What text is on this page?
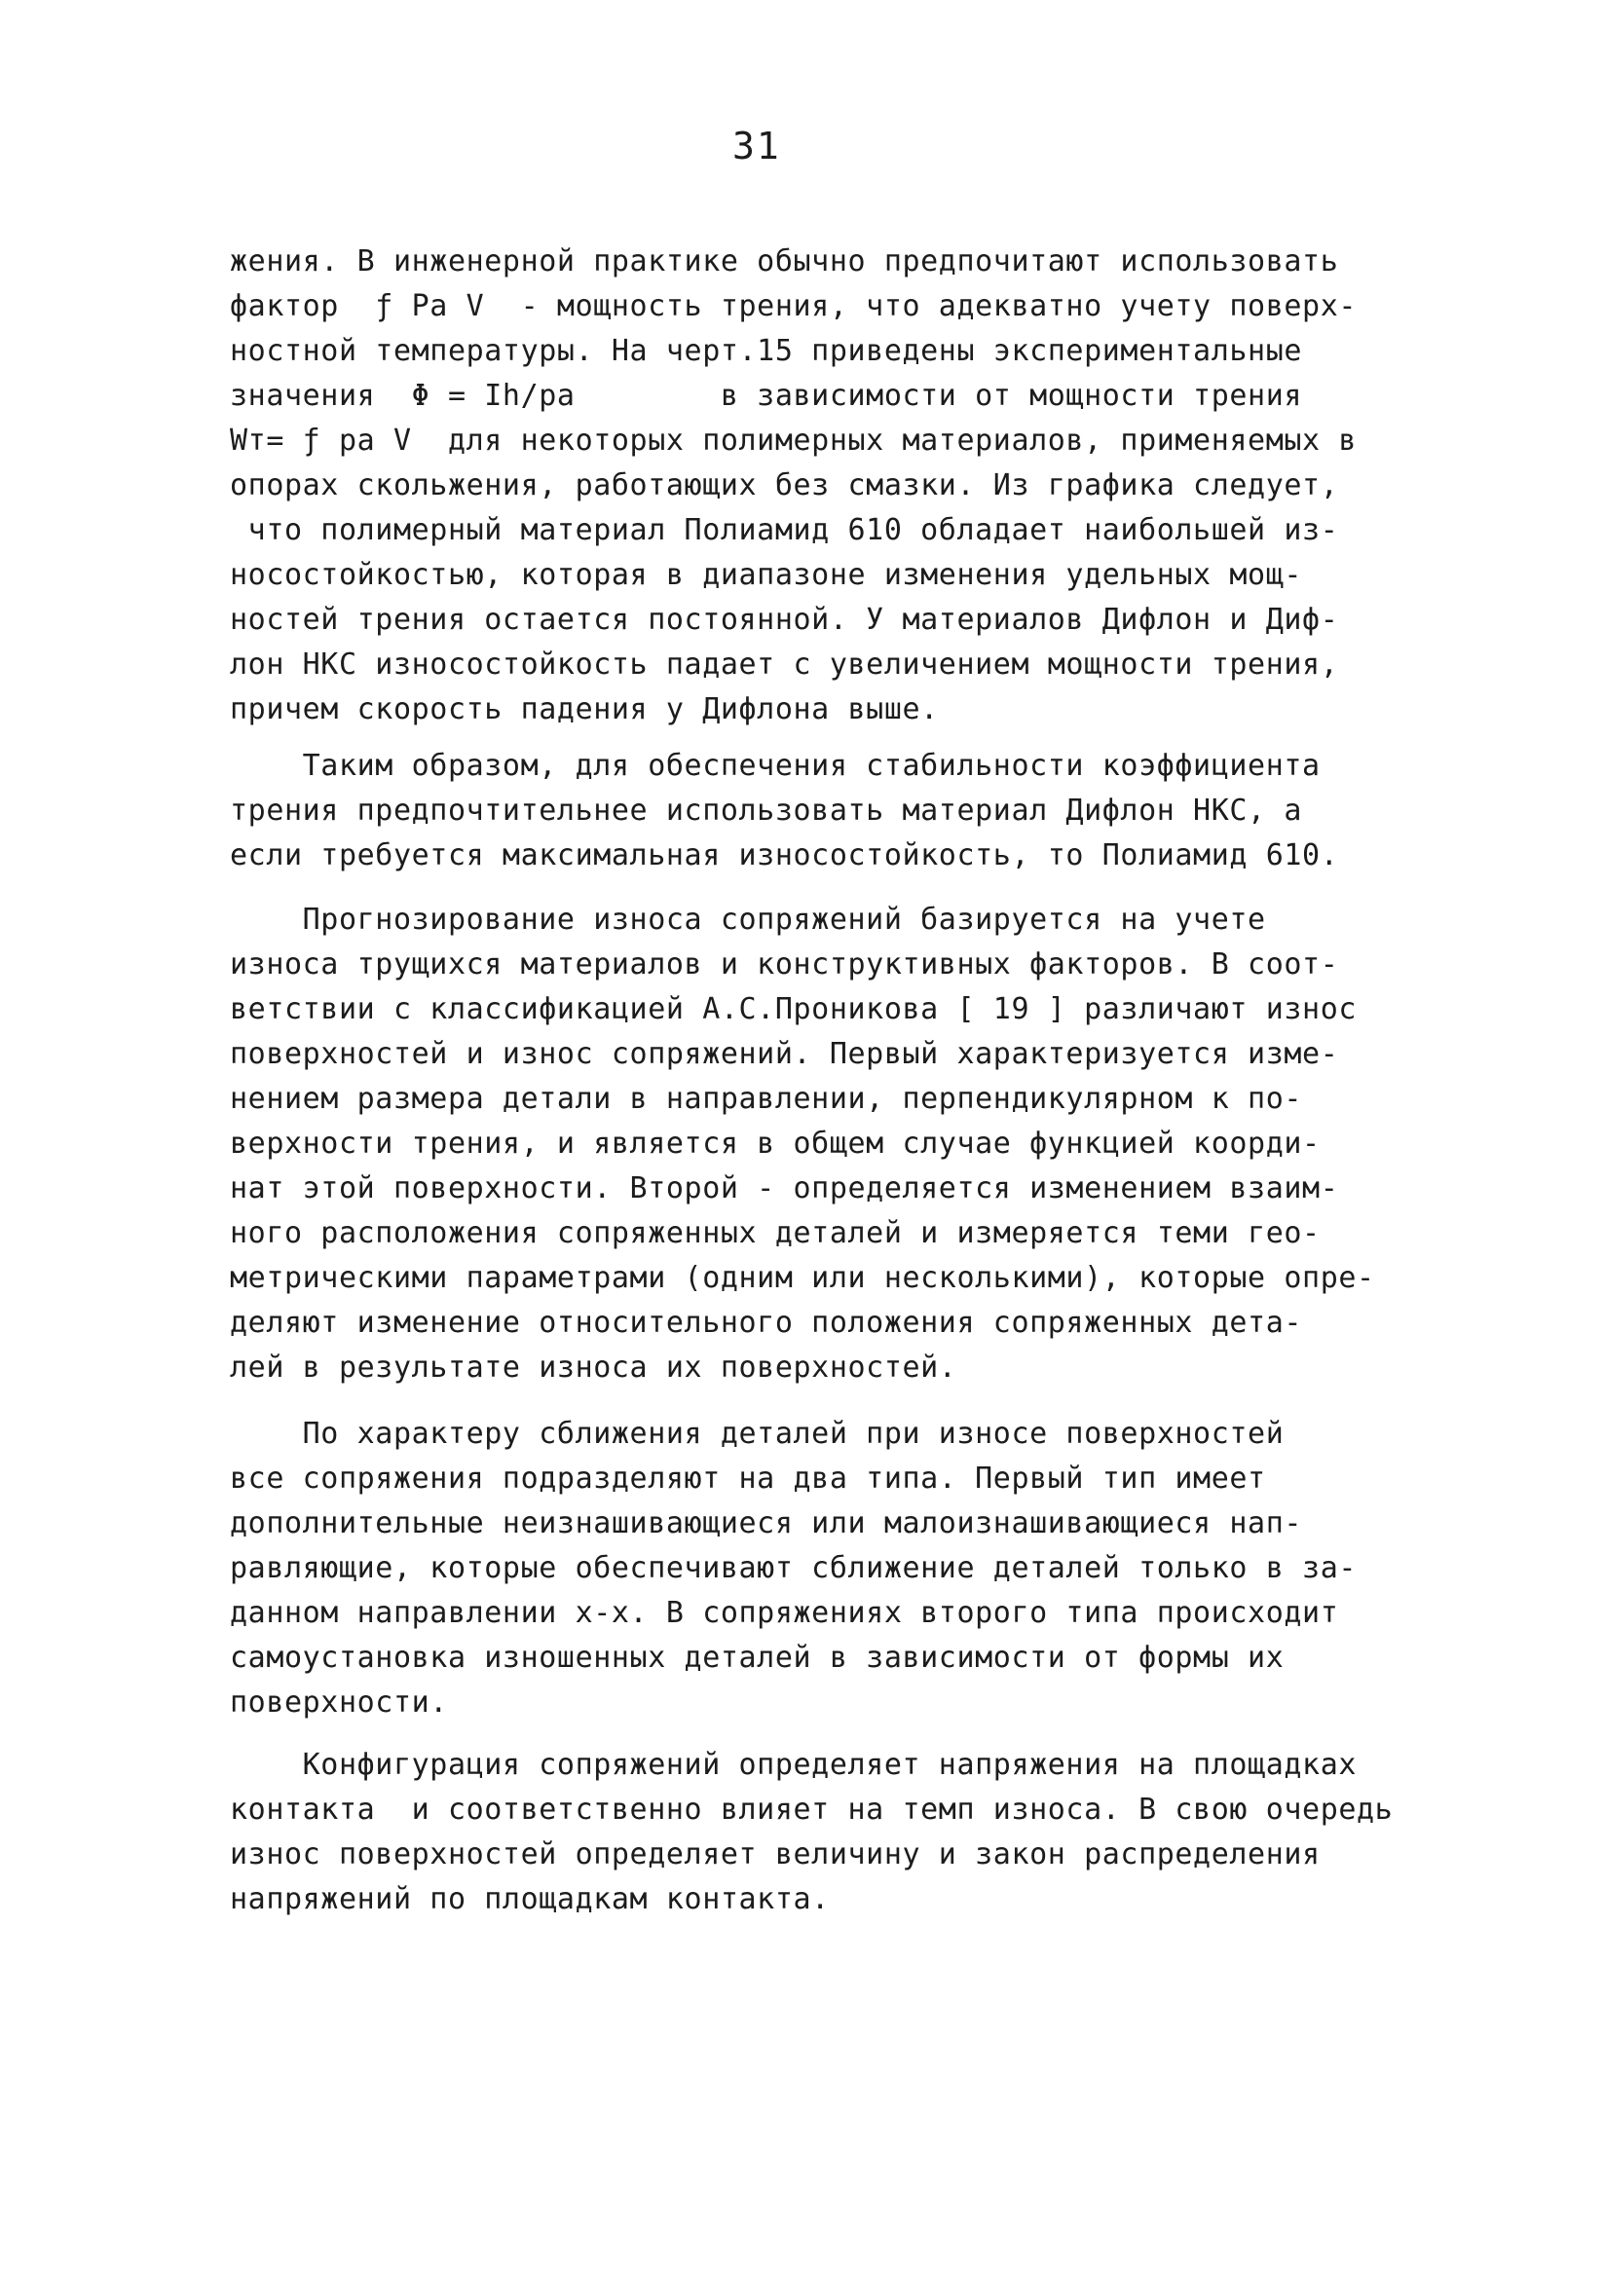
31
жения. В инженерной практике обычно предпочитают использовать
фактор  ƒ Pa V  - мощность трения, что адекватно учету поверх-
ностной температуры. На черт.15 приведены экспериментальные
значения  Φ = Ih/pa        в зависимости от мощности трения
Wт= ƒ pa V  для некоторых полимерных материалов, применяемых в
опорах скольжения, работающих без смазки. Из графика следует,
что полимерный материал Полиамид 610 обладает наибольшей из-
носостойкостью, которая в диапазоне изменения удельных мощ-
ностей трения остается постоянной. У материалов Дифлон и Диф-
лон НКС износостойкость падает с увеличением мощности трения,
причем скорость падения у Дифлона выше.
Таким образом, для обеспечения стабильности коэффициента
трения предпочтительнее использовать материал Дифлон НКС, а
если требуется максимальная износостойкость, то Полиамид 610.
Прогнозирование износа сопряжений базируется на учете
износа трущихся материалов и конструктивных факторов. В соот-
ветствии с классификацией А.С.Проникова [ 19 ] различают износ
поверхностей и износ сопряжений. Первый характеризуется изме-
нением размера детали в направлении, перпендикулярном к по-
верхности трения, и является в общем случае функцией коорди-
нат этой поверхности. Второй - определяется изменением взаим-
ного расположения сопряженных деталей и измеряется теми гео-
метрическими параметрами (одним или несколькими), которые опре-
деляют изменение относительного положения сопряженных дета-
лей в результате износа их поверхностей.
По характеру сближения деталей при износе поверхностей
все сопряжения подразделяют на два типа. Первый тип имеет
дополнительные неизнашивающиеся или малоизнашивающиеся нап-
равляющие, которые обеспечивают сближение деталей только в за-
данном направлении х-х. В сопряжениях второго типа происходит
самоустановка изношенных деталей в зависимости от формы их
поверхности.
Конфигурация сопряжений определяет напряжения на площадках
контакта  и соответственно влияет на темп износа. В свою очередь
износ поверхностей определяет величину и закон распределения
напряжений по площадкам контакта.
